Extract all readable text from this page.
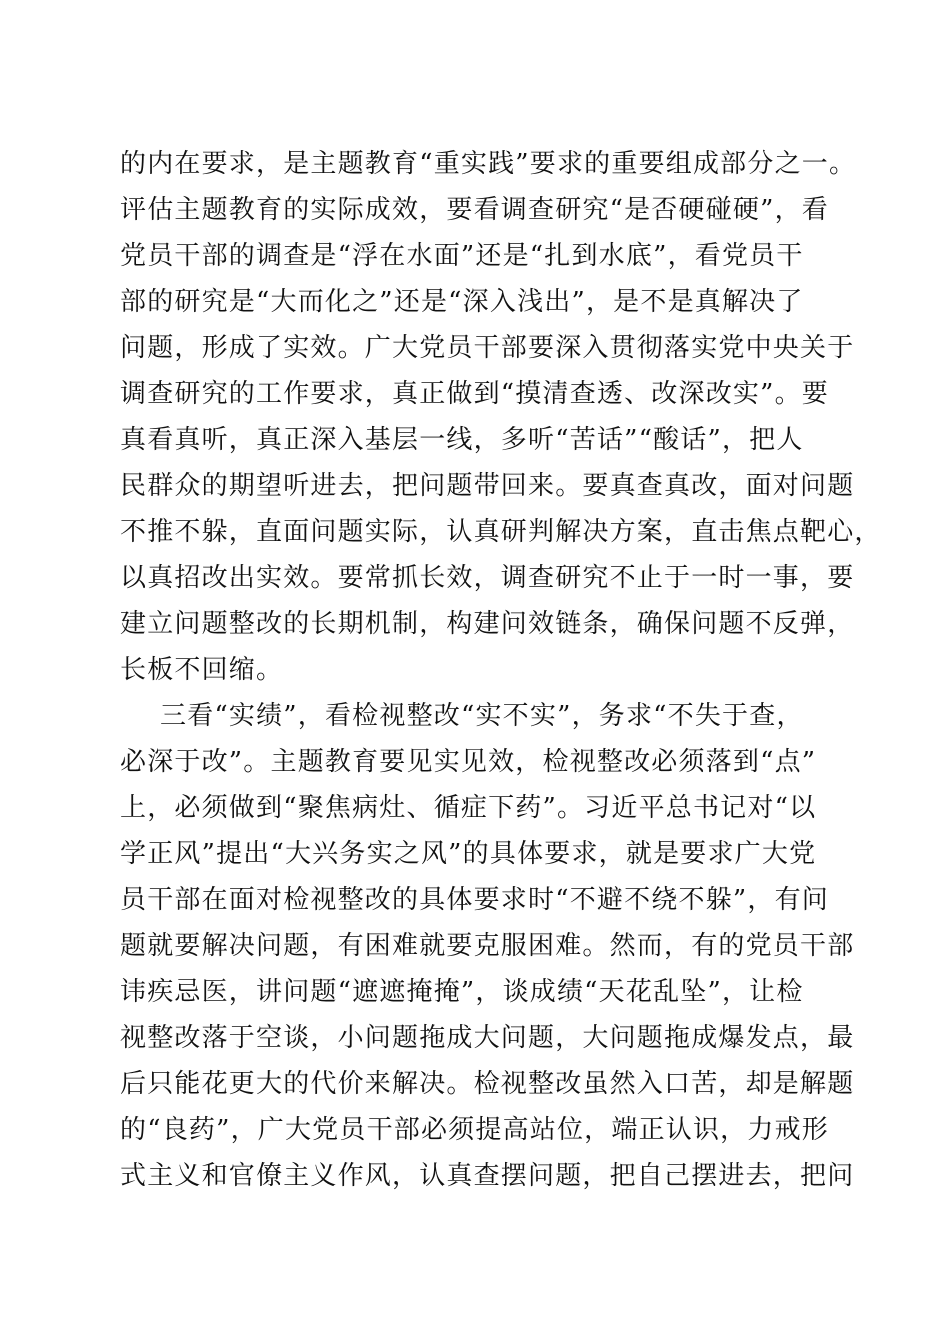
的内在要求，是主题教育“重实践”要求的重要组成部分之一。
评估主题教育的实际成效，要看调查研究“是否硬碰硬”，看
党员干部的调查是“浮在水面”还是“扎到水底”，看党员干
部的研究是“大而化之”还是“深入浅出”，是不是真解决了
问题，形成了实效。广大党员干部要深入贯彻落实党中央关于
调查研究的工作要求，真正做到“摸清查透、改深改实”。要
真看真听，真正深入基层一线，多听“苦话”“酸话”，把人
民群众的期望听进去，把问题带回来。要真查真改，面对问题
不推不躲，直面问题实际，认真研判解决方案，直击焦点靶心，
以真招改出实效。要常抓长效，调查研究不止于一时一事，要
建立问题整改的长期机制，构建问效链条，确保问题不反弹，
长板不回缩。
三看“实绩”，看检视整改“实不实”，务求“不失于查，
必深于改”。主题教育要见实见效，检视整改必须落到“点”
上，必须做到“聚焦病灶、循症下药”。习近平总书记对“以
学正风”提出“大兴务实之风”的具体要求，就是要求广大党
员干部在面对检视整改的具体要求时“不避不绕不躲”，有问
题就要解决问题，有困难就要克服困难。然而，有的党员干部
讳疾忌医，讲问题“遮遮掩掩”，谈成绩“天花乱坠”，让检
视整改落于空谈，小问题拖成大问题，大问题拖成爆发点，最
后只能花更大的代价来解决。检视整改虽然入口苦，却是解题
的“良药”，广大党员干部必须提高站位，端正认识，力戒形
式主义和官僚主义作风，认真查摆问题，把自己摆进去，把问
